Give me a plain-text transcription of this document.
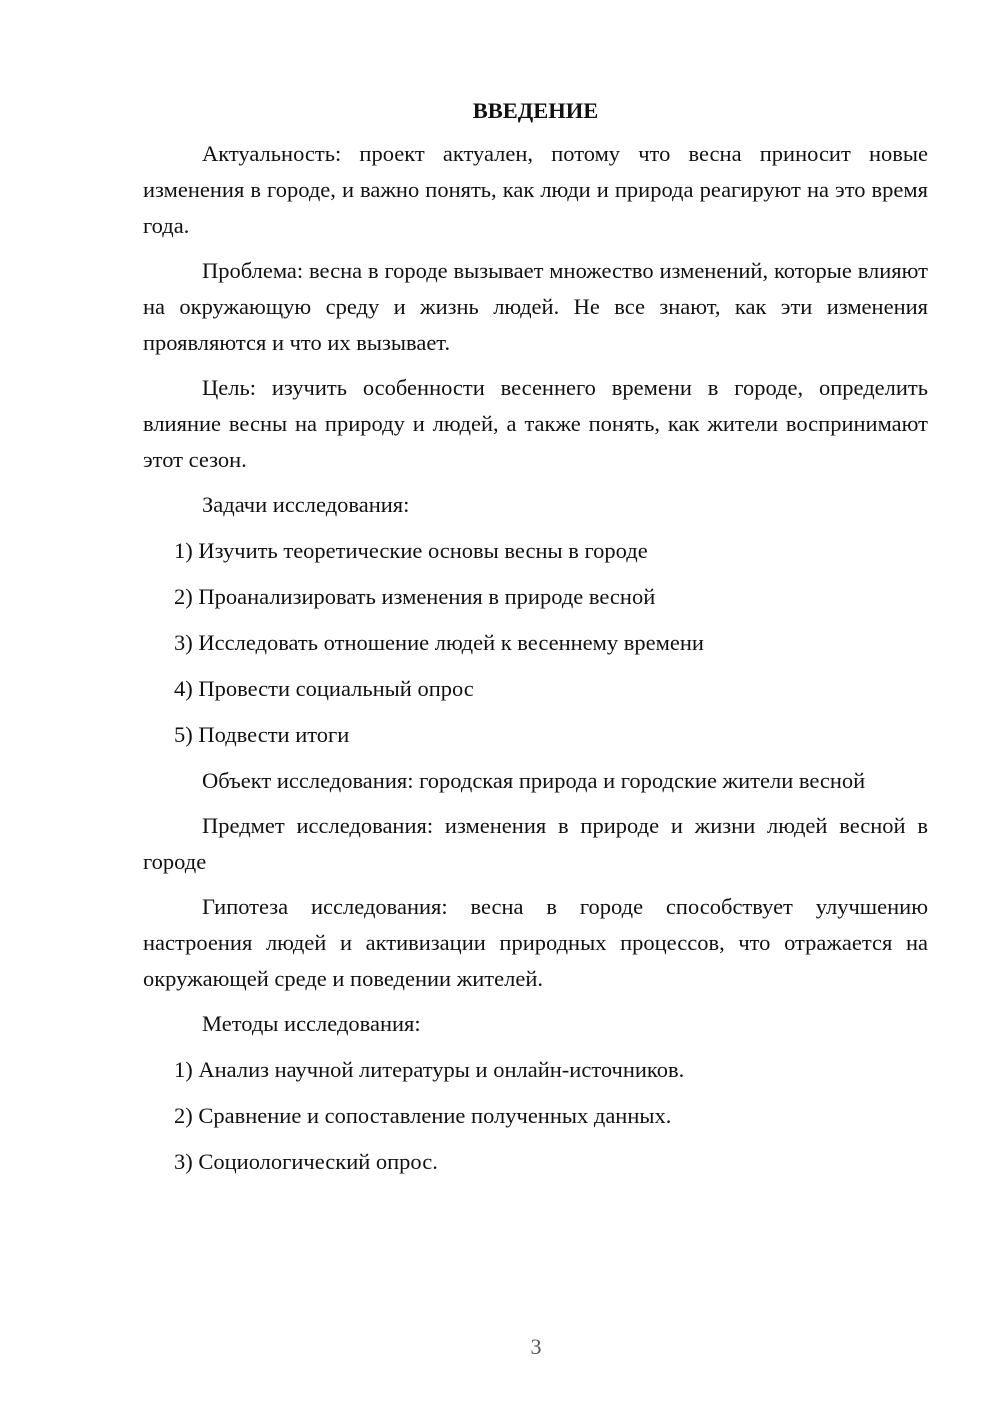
ВВЕДЕНИЕ

Актуальность: проект актуален, потому что весна приносит новые изменения в городе, и важно понять, как люди и природа реагируют на это время года.

Проблема: весна в городе вызывает множество изменений, которые влияют на окружающую среду и жизнь людей. Не все знают, как эти изменения проявляются и что их вызывает.

Цель: изучить особенности весеннего времени в городе, определить влияние весны на природу и людей, а также понять, как жители воспринимают этот сезон.

Задачи исследования:

1) Изучить теоретические основы весны в городе
2) Проанализировать изменения в природе весной
3) Исследовать отношение людей к весеннему времени
4) Провести социальный опрос
5) Подвести итоги

Объект исследования: городская природа и городские жители весной

Предмет исследования: изменения в природе и жизни людей весной в городе

Гипотеза исследования: весна в городе способствует улучшению настроения людей и активизации природных процессов, что отражается на окружающей среде и поведении жителей.

Методы исследования:

1) Анализ научной литературы и онлайн-источников.
2) Сравнение и сопоставление полученных данных.
3) Социологический опрос.
3
